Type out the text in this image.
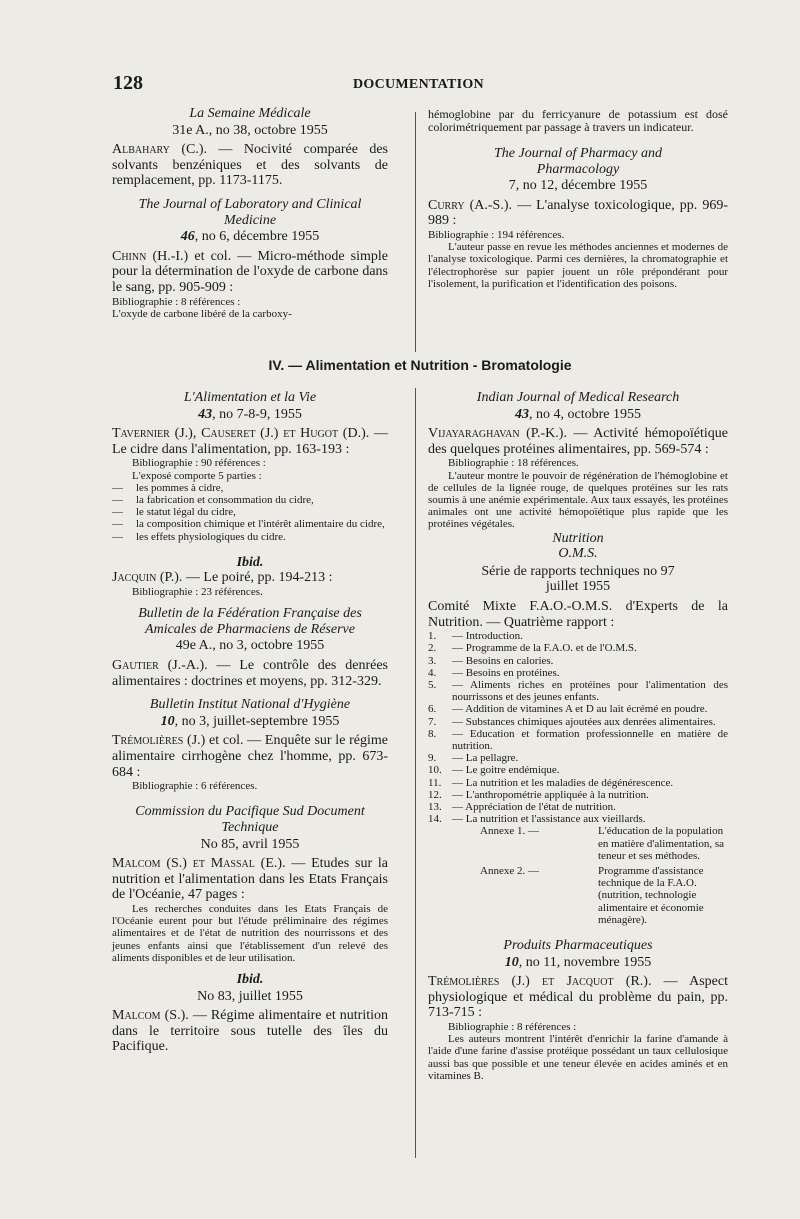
128	DOCUMENTATION

La Semaine Médicale

31e A., no 38, octobre 1955

Albahary (C.). — Nocivité comparée des solvants benzéniques et des solvants de remplacement, pp. 1173-1175.

The Journal of Laboratory and Clinical Medicine

46, no 6, décembre 1955

Chinn (H.-I.) et col. — Micro-méthode simple pour la détermination de l'oxyde de carbone dans le sang, pp. 905-909 :

Bibliographie : 8 références :

L'oxyde de carbone libéré de la carboxy-

hémoglobine par du ferricyanure de potassium est dosé colorimétriquement par passage à travers un indicateur.

The Journal of Pharmacy and Pharmacology

7, no 12, décembre 1955

Curry (A.-S.). — L'analyse toxicologique, pp. 969-989 :

Bibliographie : 194 références.

L'auteur passe en revue les méthodes anciennes et modernes de l'analyse toxicologique. Parmi ces dernières, la chromatographie et l'électrophorèse sur papier jouent un rôle prépondérant pour l'isolement, la purification et l'identification des poisons.

IV. — Alimentation et Nutrition - Bromatologie

L'Alimentation et la Vie

43, no 7-8-9, 1955

Tavernier (J.), Causeret (J.) et Hugot (D.). — Le cidre dans l'alimentation, pp. 163-193 :

Bibliographie : 90 références :

L'exposé comporte 5 parties :

— les pommes à cidre,
— la fabrication et consommation du cidre,
— le statut légal du cidre,
— la composition chimique et l'intérêt alimentaire du cidre,
— les effets physiologiques du cidre.

Ibid.

Jacquin (P.). — Le poiré, pp. 194-213 :

Bibliographie : 23 références.

Bulletin de la Fédération Française des Amicales de Pharmaciens de Réserve

49e A., no 3, octobre 1955

Gautier (J.-A.). — Le contrôle des denrées alimentaires : doctrines et moyens, pp. 312-329.

Bulletin Institut National d'Hygiène

10, no 3, juillet-septembre 1955

Trémolières (J.) et col. — Enquête sur le régime alimentaire cirrhogène chez l'homme, pp. 673-684 :

Bibliographie : 6 références.

Commission du Pacifique Sud Document Technique

No 85, avril 1955

Malcom (S.) et Massal (E.). — Etudes sur la nutrition et l'alimentation dans les Etats Français de l'Océanie, 47 pages :

Les recherches conduites dans les Etats Français de l'Océanie eurent pour but l'étude préliminaire des régimes alimentaires et de l'état de nutrition des nourrissons et des jeunes enfants ainsi que l'établissement d'un relevé des aliments disponibles et de leur utilisation.

Ibid.

No 83, juillet 1955

Malcom (S.). — Régime alimentaire et nutrition dans le territoire sous tutelle des îles du Pacifique.

Indian Journal of Medical Research

43, no 4, octobre 1955

Vijayaraghavan (P.-K.). — Activité hémopoïétique des quelques protéines alimentaires, pp. 569-574 :

Bibliographie : 18 références.

L'auteur montre le pouvoir de régénération de l'hémoglobine et de cellules de la lignée rouge, de quelques protéines sur les rats soumis à une anémie expérimentale. Aux taux essayés, les protéines animales ont une activité hémopoïétique plus rapide que les protéines végétales.

Nutrition

O.M.S.

Série de rapports techniques no 97

juillet 1955

Comité Mixte F.A.O.-O.M.S. d'Experts de la Nutrition. — Quatrième rapport :

1.	— Introduction.
2.	— Programme de la F.A.O. et de l'O.M.S.
3.	— Besoins en calories.
4.	— Besoins en protéines.
5.	— Aliments riches en protéines pour l'alimentation des nourrissons et des jeunes enfants.
6.	— Addition de vitamines A et D au lait écrémé en poudre.
7.	— Substances chimiques ajoutées aux denrées alimentaires.
8.	— Education et formation professionnelle en matière de nutrition.
9.	— La pellagre.
10. — Le goitre endémique.
11. — La nutrition et les maladies de dégénérescence.
12. — L'anthropométrie appliquée à la nutrition.
13. — Appréciation de l'état de nutrition.
14. — La nutrition et l'assistance aux vieillards.
Annexe 1. —	L'éducation de la population en matière d'alimentation, sa teneur et ses méthodes.
Annexe 2. —	Programme d'assistance technique de la F.A.O. (nutrition, technologie alimentaire et économie ménagère).

Produits Pharmaceutiques

10, no 11, novembre 1955

Trémolières (J.) et Jacquot (R.). — Aspect physiologique et médical du problème du pain, pp. 713-715 :

Bibliographie : 8 références :

Les auteurs montrent l'intérêt d'enrichir la farine d'amande à l'aide d'une farine d'assise protéique possédant un taux cellulosique aussi bas que possible et une teneur élevée en acides aminés et en vitamines B.
